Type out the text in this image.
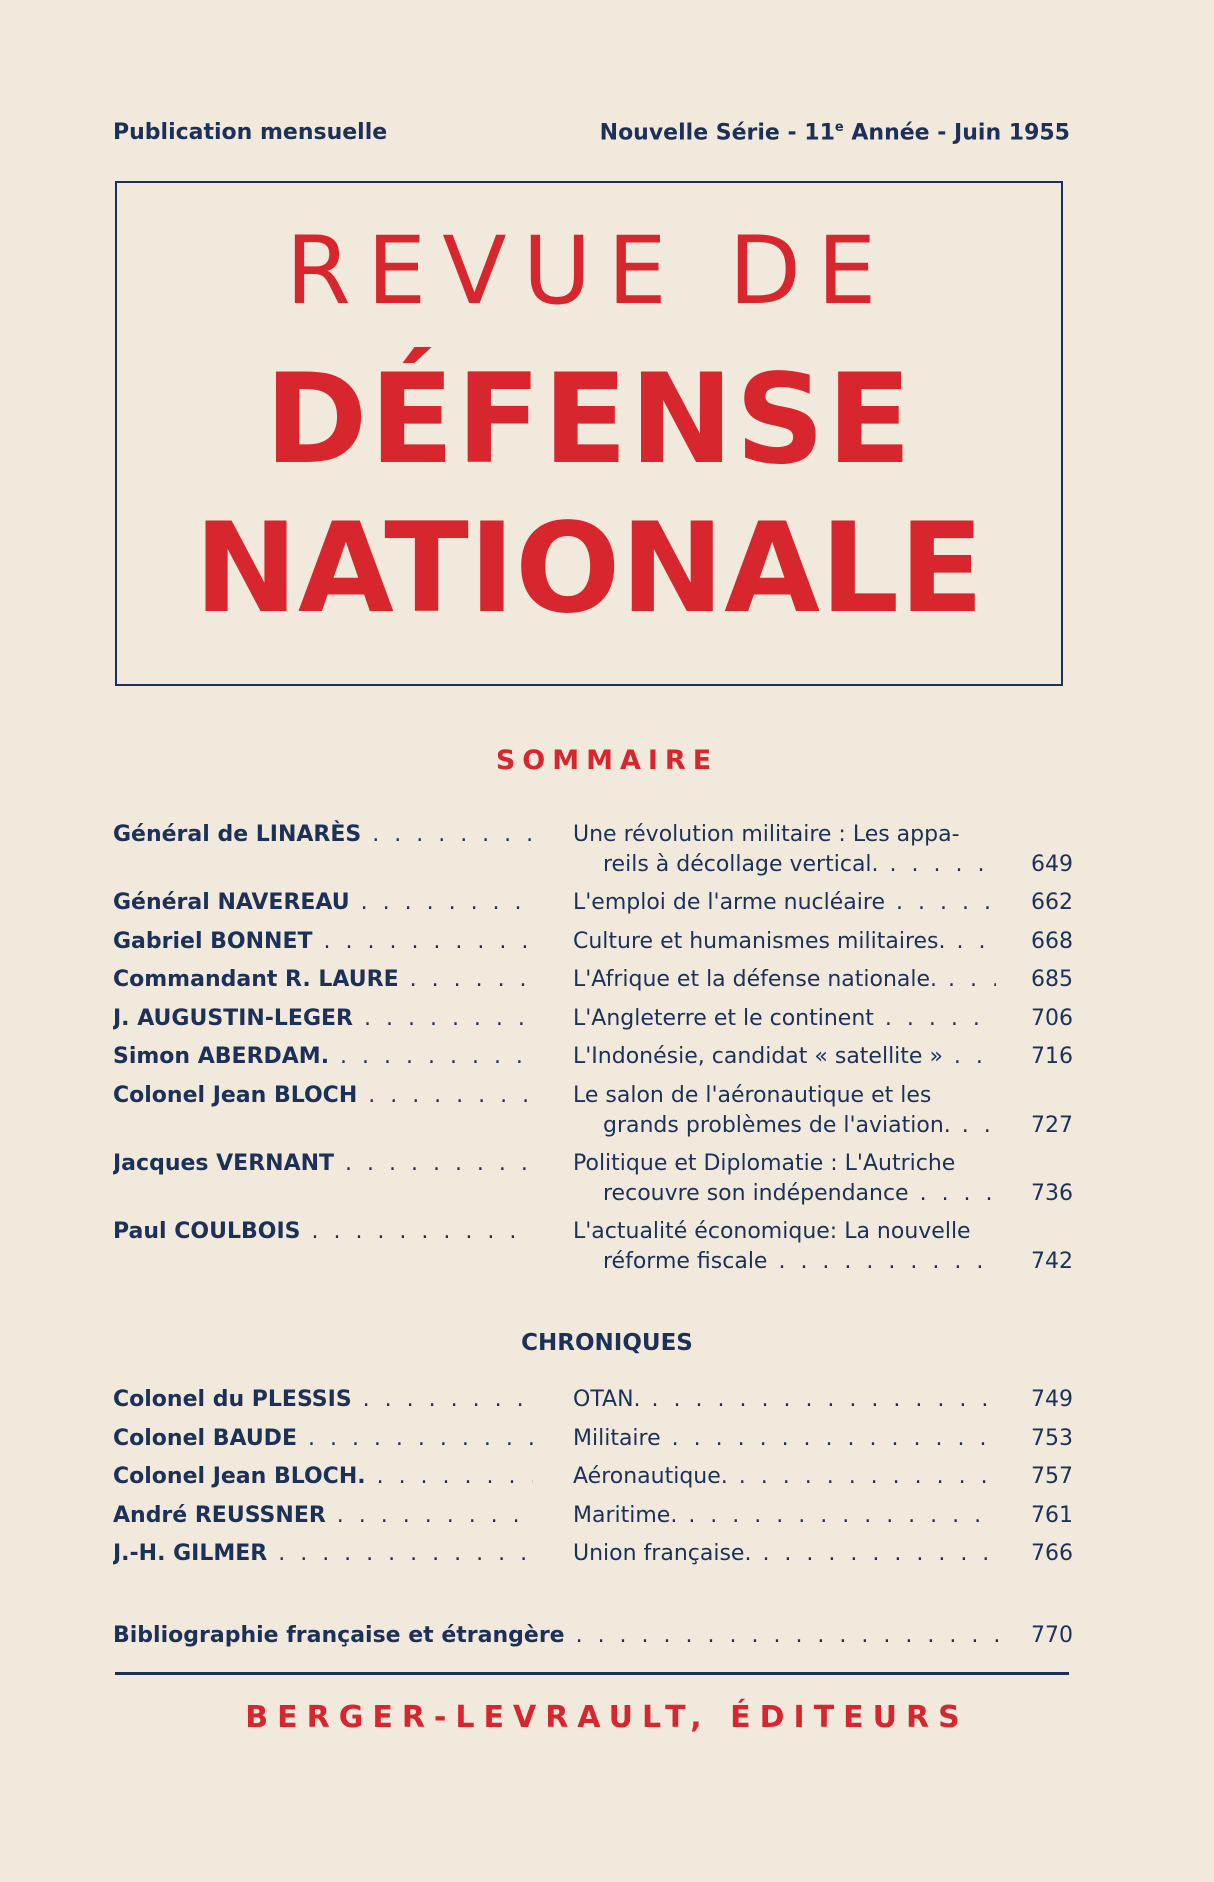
Publication mensuelle	Nouvelle Série - 11e Année - Juin 1955
REVUE DE
DÉFENSE
NATIONALE
SOMMAIRE
Général de LINARÈS . . .	Une révolution militaire : Les appa-
reils à décollage vertical. . . .	649
Général NAVEREAU . . .	L'emploi de l'arme nucléaire . . .	662
Gabriel BONNET . . .	Culture et humanismes militaires. . . .	668
Commandant R. LAURE . . .	L'Afrique et la défense nationale. . . .	685
J. AUGUSTIN-LEGER . . .	L'Angleterre et le continent . . .	706
Simon ABERDAM. . . .	L'Indonésie, candidat « satellite » . . .	716
Colonel Jean BLOCH . . .	Le salon de l'aéronautique et les
grands problèmes de l'aviation. . . .	727
Jacques VERNANT . . .	Politique et Diplomatie : L'Autriche
recouvre son indépendance . . .	736
Paul COULBOIS . . .	L'actualité économique: La nouvelle
réforme fiscale . . .	742
CHRONIQUES
Colonel du PLESSIS . . .	OTAN. . . .	749
Colonel BAUDE . . .	Militaire . . .	753
Colonel Jean BLOCH. . . .	Aéronautique. . . .	757
André REUSSNER . . .	Maritime. . . .	761
J.-H. GILMER . . .	Union française. . . .	766
Bibliographie française et étrangère . . .	770
BERGER-LEVRAULT, ÉDITEURS
